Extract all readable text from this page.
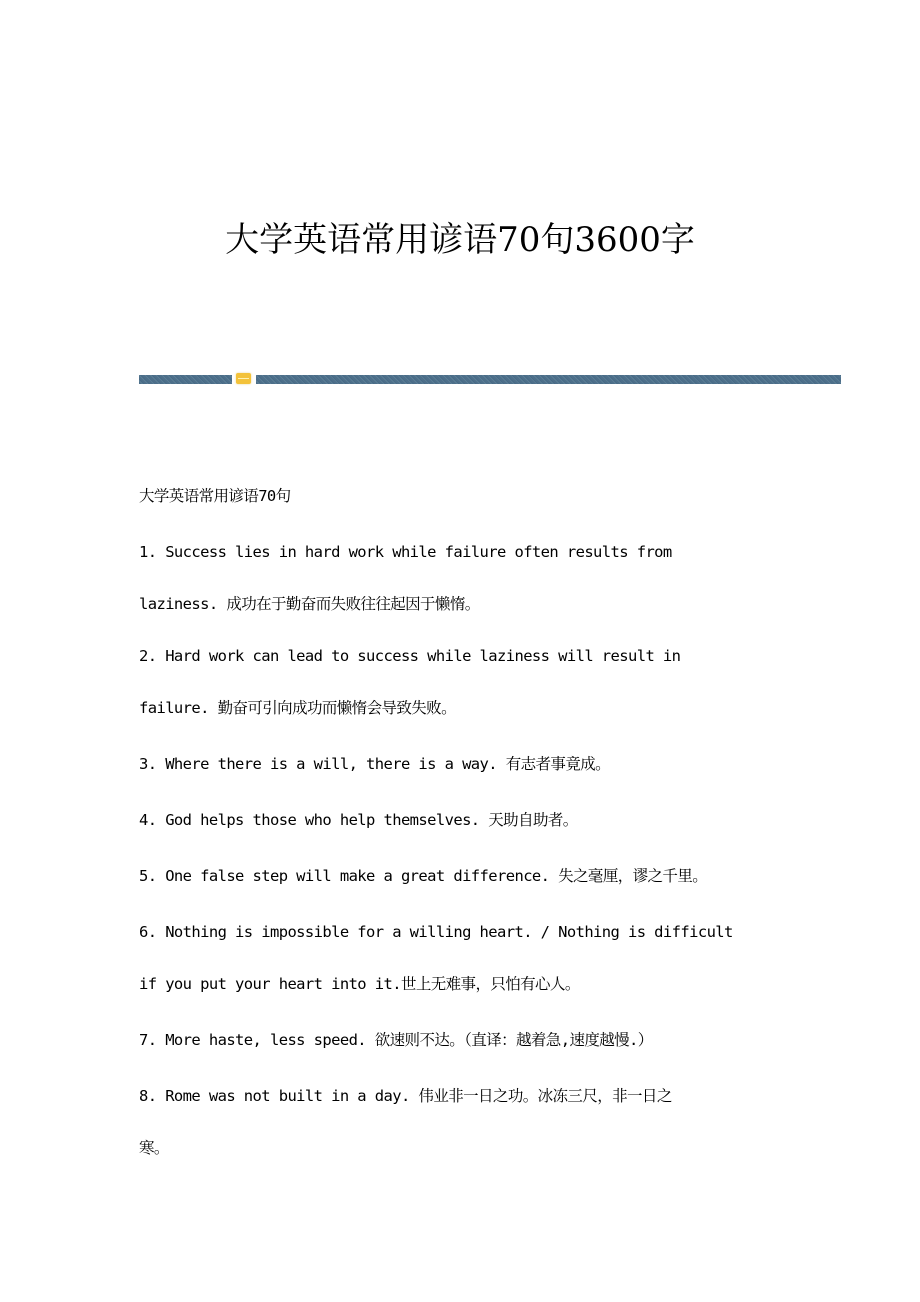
大学英语常用谚语70句3600字
大学英语常用谚语70句
1. Success lies in hard work while failure often results from
laziness. 成功在于勤奋而失败往往起因于懒惰。
2. Hard work can lead to success while laziness will result in
failure. 勤奋可引向成功而懒惰会导致失败。
3. Where there is a will, there is a way. 有志者事竟成。
4. God helps those who help themselves. 天助自助者。
5. One false step will make a great difference. 失之毫厘，谬之千里。
6. Nothing is impossible for a willing heart. / Nothing is difficult
if you put your heart into it.世上无难事，只怕有心人。
7. More haste, less speed. 欲速则不达。（直译：越着急,速度越慢.）
8. Rome was not built in a day. 伟业非一日之功。冰冻三尺，非一日之
寒。
